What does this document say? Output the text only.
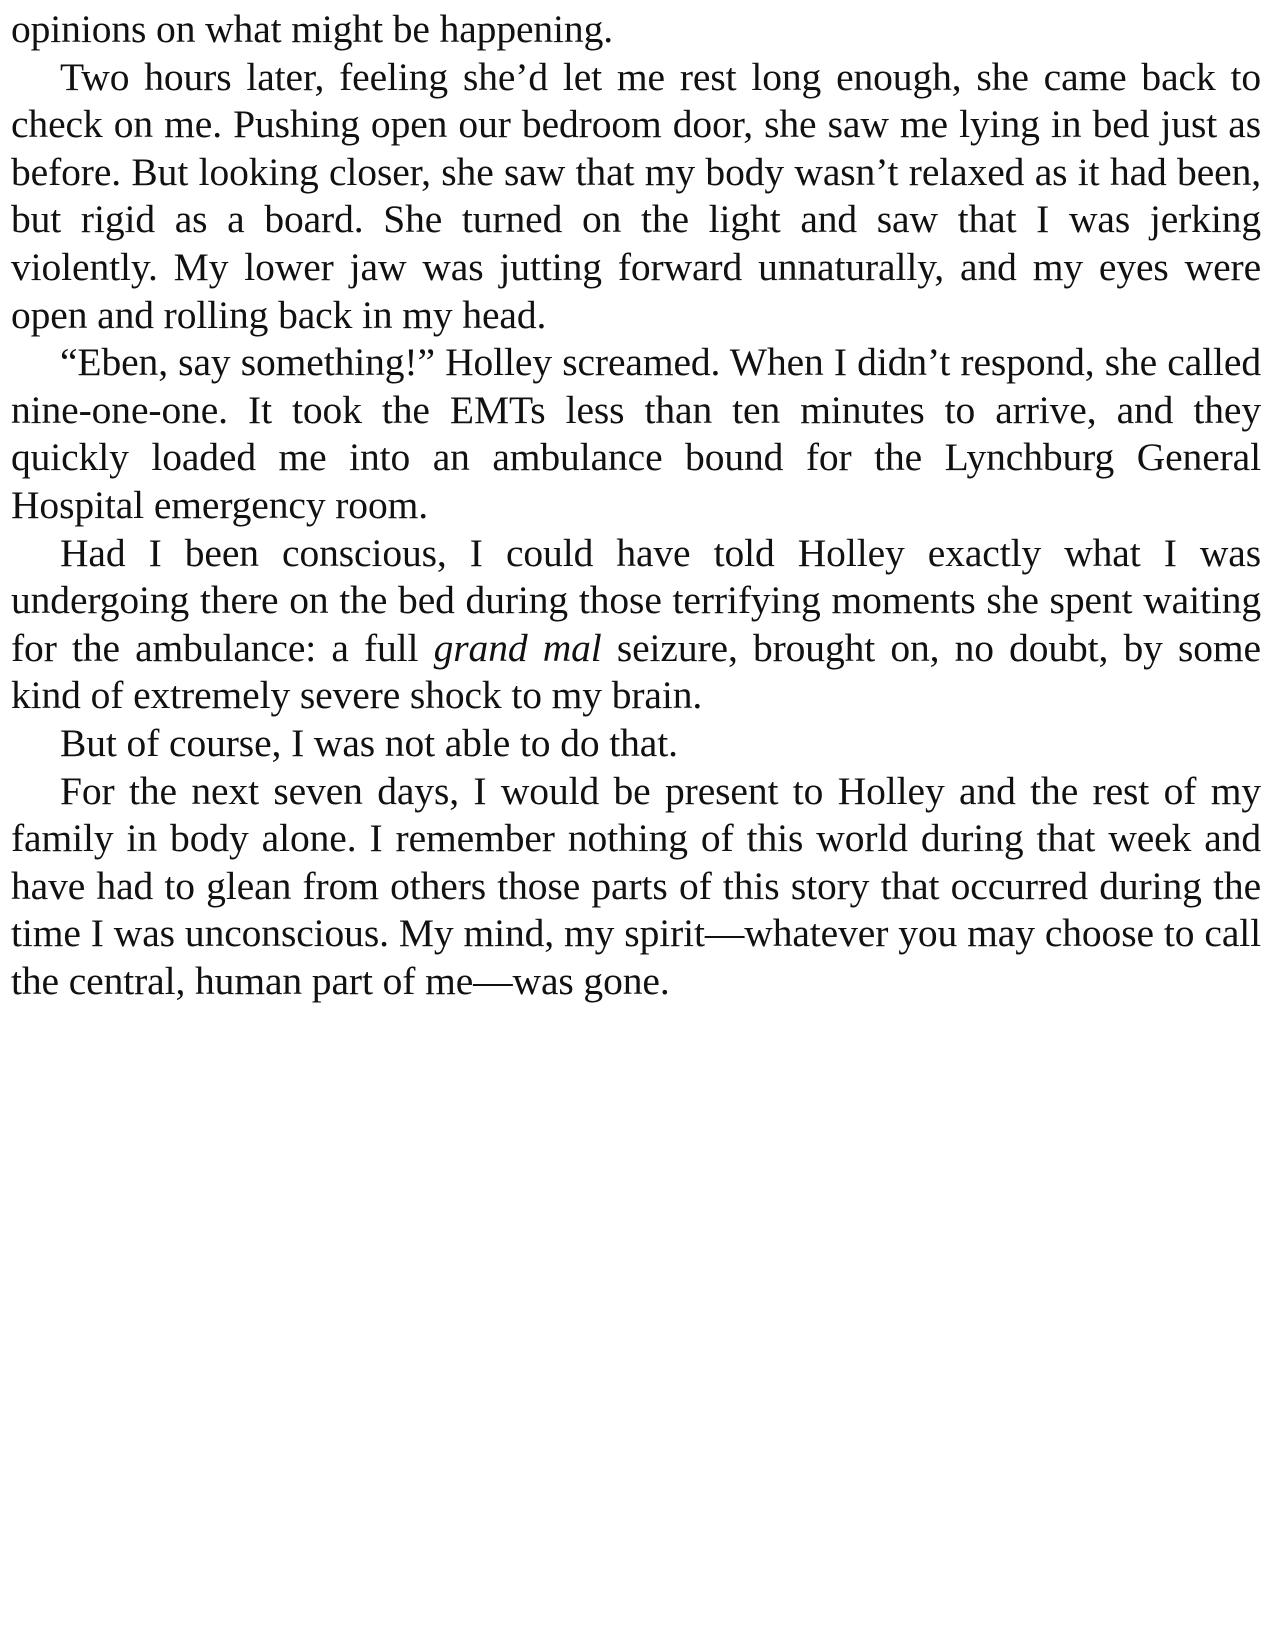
opinions on what might be happening.

Two hours later, feeling she’d let me rest long enough, she came back to check on me. Pushing open our bedroom door, she saw me lying in bed just as before. But looking closer, she saw that my body wasn’t relaxed as it had been, but rigid as a board. She turned on the light and saw that I was jerking violently. My lower jaw was jutting forward unnaturally, and my eyes were open and rolling back in my head.

“Eben, say something!” Holley screamed. When I didn’t respond, she called nine-one-one. It took the EMTs less than ten minutes to arrive, and they quickly loaded me into an ambulance bound for the Lynchburg General Hospital emergency room.

Had I been conscious, I could have told Holley exactly what I was undergoing there on the bed during those terrifying moments she spent waiting for the ambulance: a full grand mal seizure, brought on, no doubt, by some kind of extremely severe shock to my brain.

But of course, I was not able to do that.

For the next seven days, I would be present to Holley and the rest of my family in body alone. I remember nothing of this world during that week and have had to glean from others those parts of this story that occurred during the time I was unconscious. My mind, my spirit—whatever you may choose to call the central, human part of me—was gone.
